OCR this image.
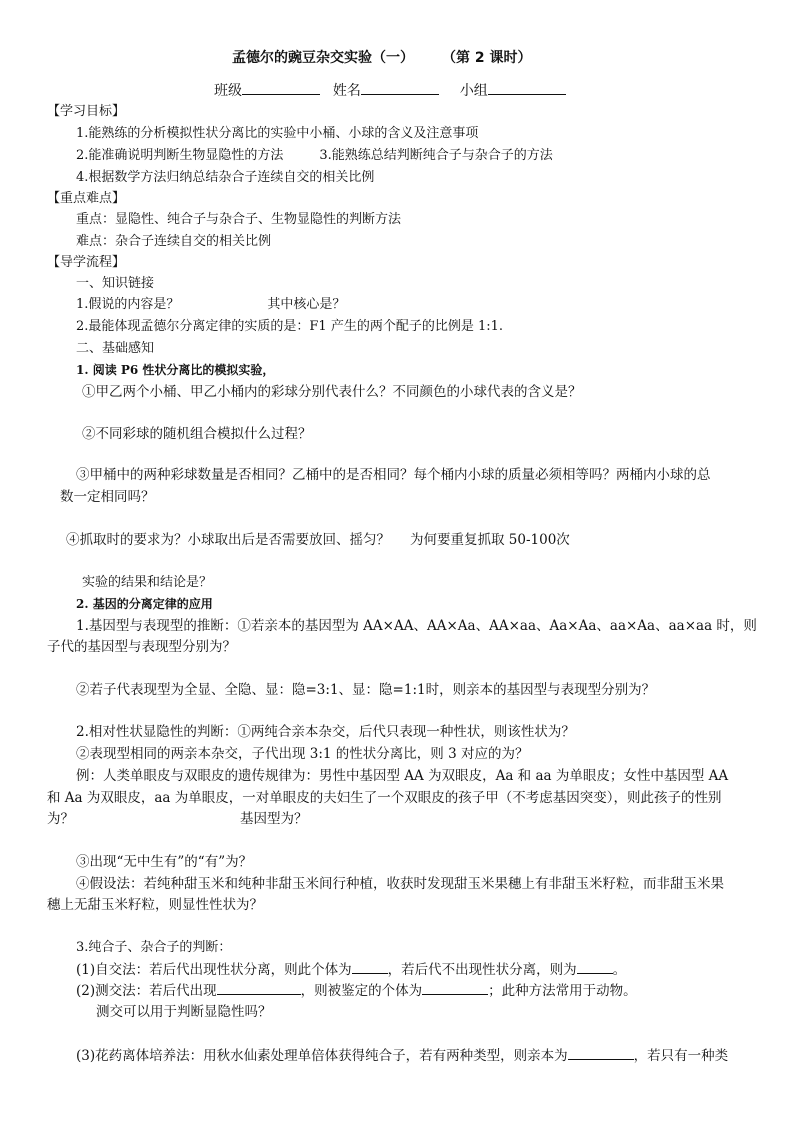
孟德尔的豌豆杂交实验（一） （第 2 课时）
班级	姓名	小组
【学习目标】
1.能熟练的分析模拟性状分离比的实验中小桶、小球的含义及注意事项
2.能准确说明判断生物显隐性的方法	3.能熟练总结判断纯合子与杂合子的方法
4.根据数学方法归纳总结杂合子连续自交的相关比例
【重点难点】
重点：显隐性、纯合子与杂合子、生物显隐性的判断方法
难点：杂合子连续自交的相关比例
【导学流程】
一、知识链接
1.假说的内容是？	其中核心是？
2.最能体现孟德尔分离定律的实质的是：F1 产生的两个配子的比例是 1:1.
二、基础感知
1. 阅读 P6 性状分离比的模拟实验，
①甲乙两个小桶、甲乙小桶内的彩球分别代表什么？不同颜色的小球代表的含义是？
②不同彩球的随机组合模拟什么过程？
③甲桶中的两种彩球数量是否相同？乙桶中的是否相同？每个桶内小球的质量必须相等吗？两桶内小球的总
数一定相同吗？
④抓取时的要求为？小球取出后是否需要放回、摇匀？ 为何要重复抓取 50-100次
实验的结果和结论是？
2. 基因的分离定律的应用
1.基因型与表现型的推断：①若亲本的基因型为 AA×AA、AA×Aa、AA×aa、Aa×Aa、aa×Aa、aa×aa 时，则
子代的基因型与表现型分别为？
②若子代表现型为全显、全隐、显：隐=3:1、显：隐=1:1时，则亲本的基因型与表现型分别为？
2.相对性状显隐性的判断：①两纯合亲本杂交，后代只表现一种性状，则该性状为？
②表现型相同的两亲本杂交，子代出现 3:1 的性状分离比，则 3 对应的为？
例：人类单眼皮与双眼皮的遗传规律为：男性中基因型 AA 为双眼皮，Aa 和 aa 为单眼皮；女性中基因型 AA
和 Aa 为双眼皮，aa 为单眼皮，一对单眼皮的夫妇生了一个双眼皮的孩子甲（不考虑基因突变），则此孩子的性别
为？	基因型为？
③出现“无中生有”的“有”为？
④假设法：若纯种甜玉米和纯种非甜玉米间行种植，收获时发现甜玉米果穗上有非甜玉米籽粒，而非甜玉米果
穗上无甜玉米籽粒，则显性性状为？
3.纯合子、杂合子的判断：
(1)自交法：若后代出现性状分离，则此个体为	，若后代不出现性状分离，则为	。
(2)测交法：若后代出现	，则被鉴定的个体为	；此种方法常用于动物。
测交可以用于判断显隐性吗？
(3)花药离体培养法：用秋水仙素处理单倍体获得纯合子，若有两种类型，则亲本为	，若只有一种类
